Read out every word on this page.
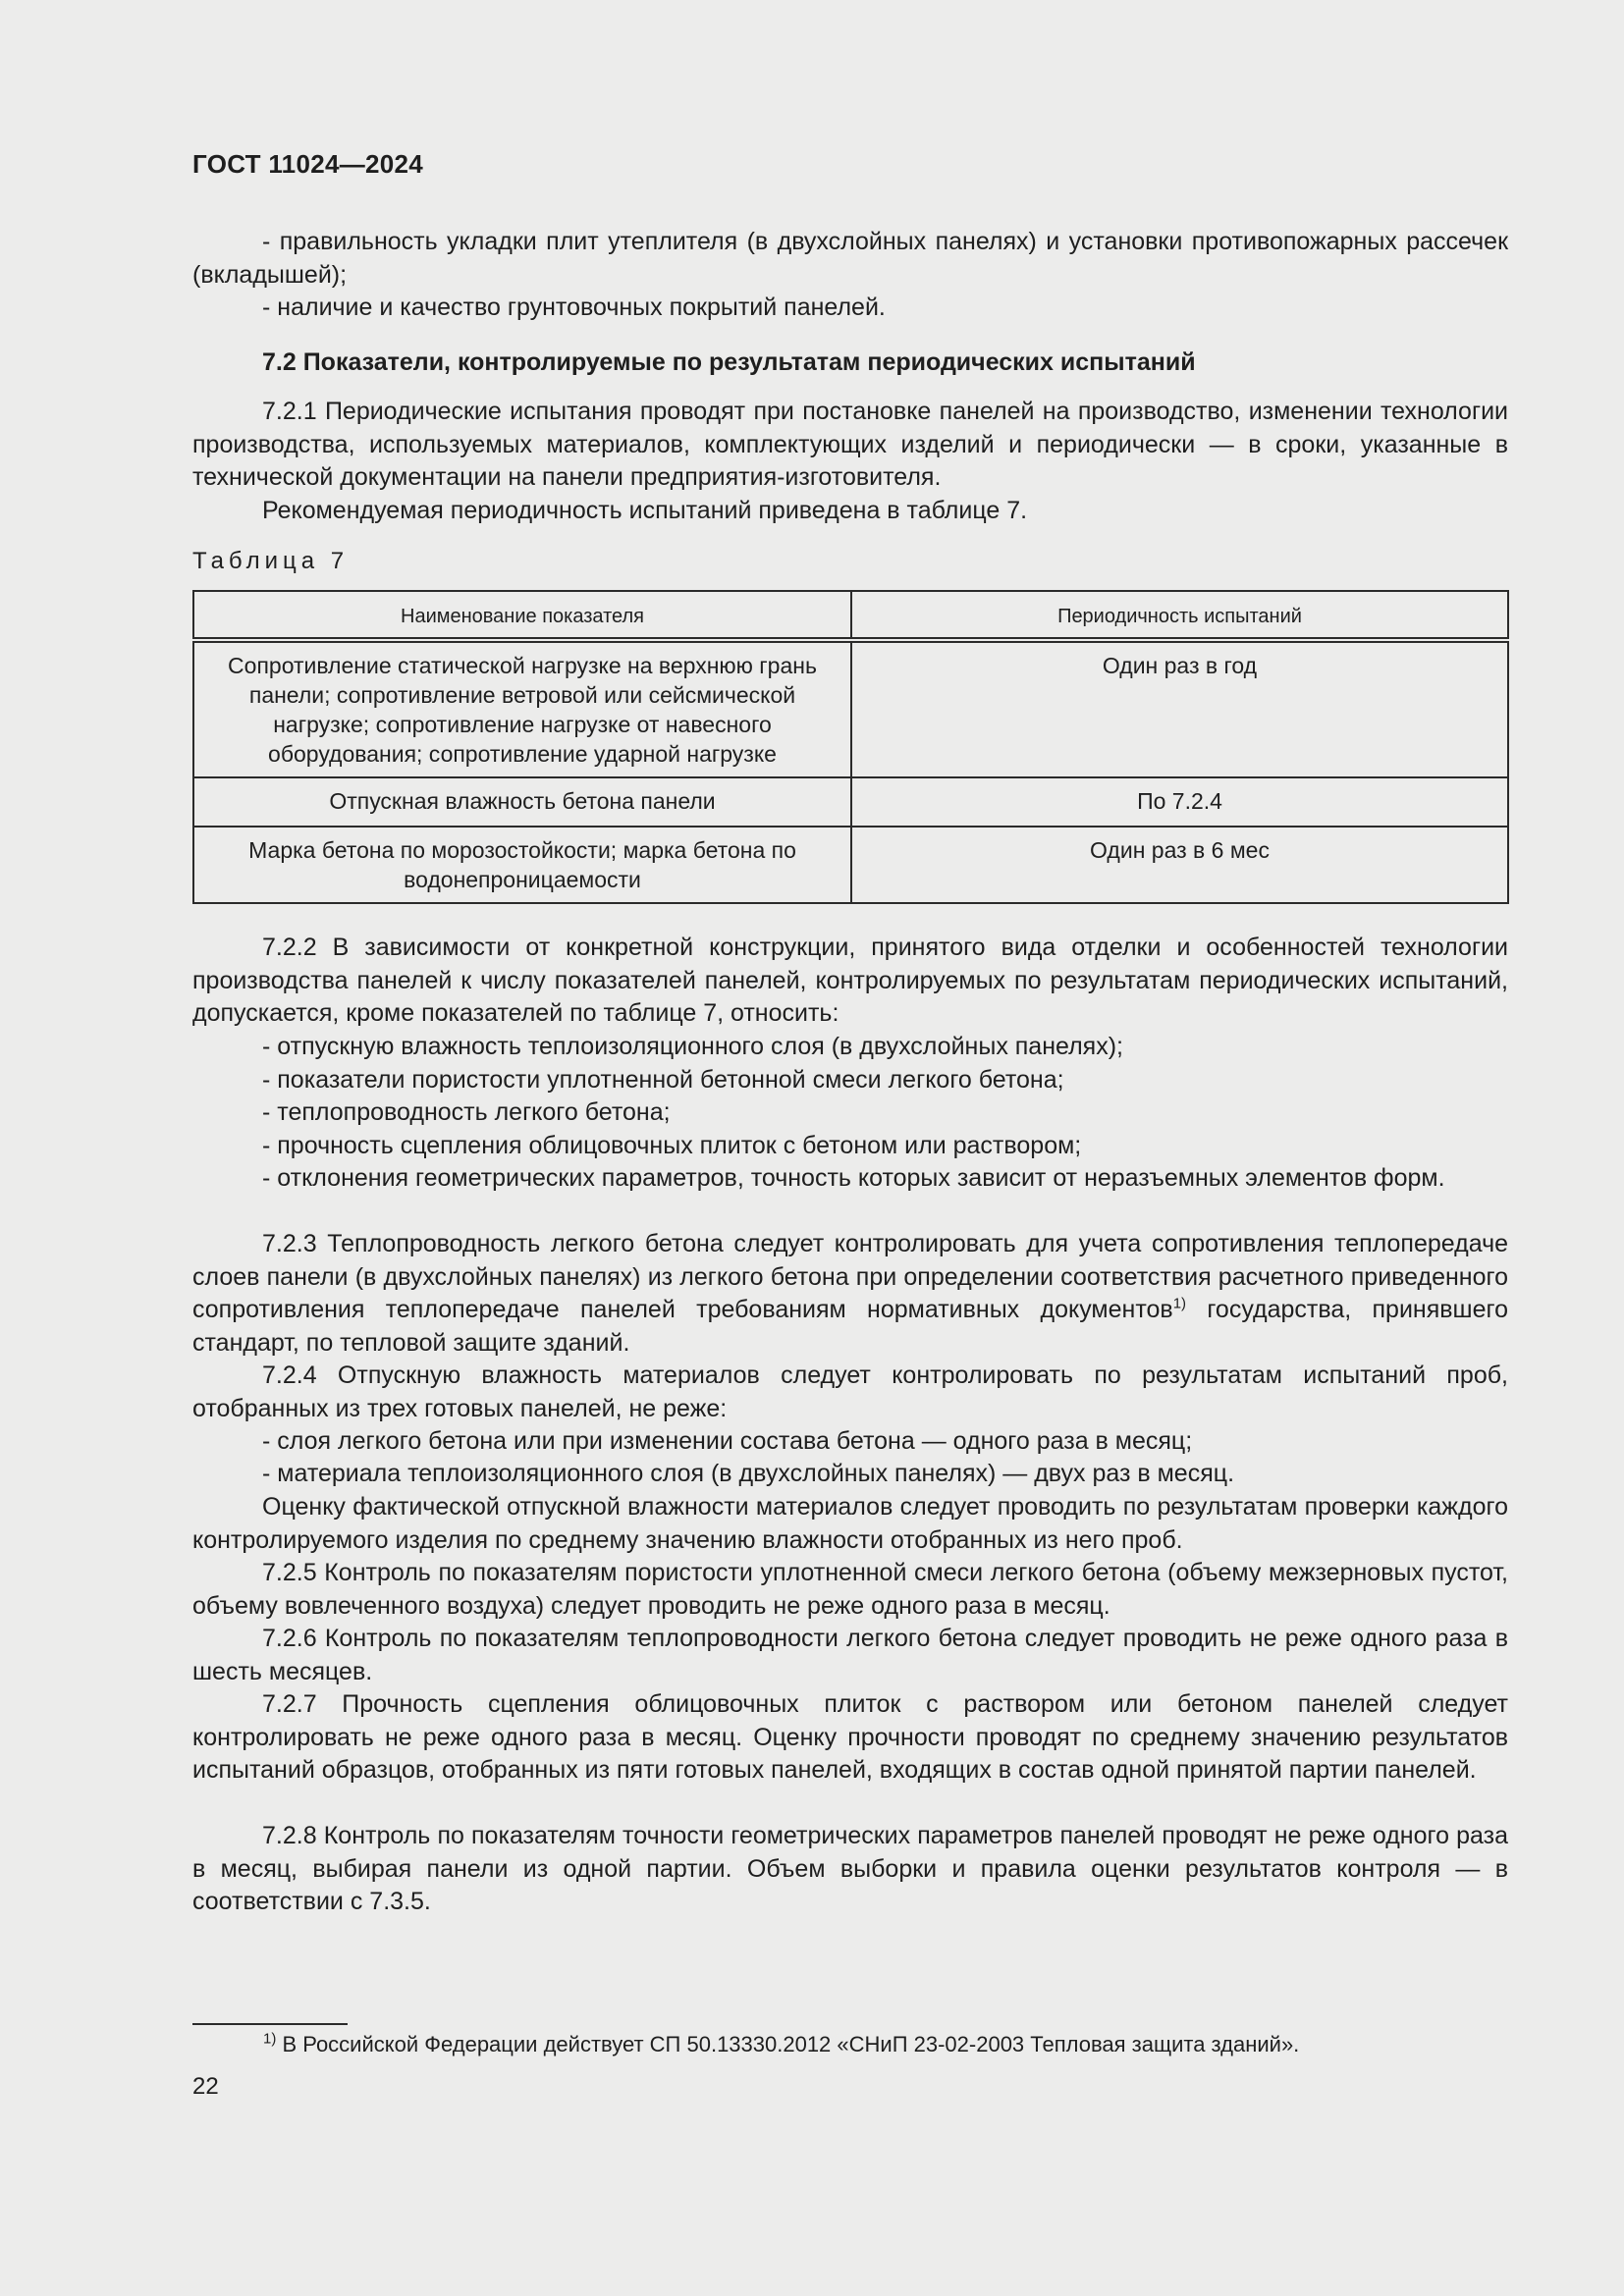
ГОСТ 11024—2024

- правильность укладки плит утеплителя (в двухслойных панелях) и установки противопожарных рассечек (вкладышей);

- наличие и качество грунтовочных покрытий панелей.

7.2 Показатели, контролируемые по результатам периодических испытаний

7.2.1 Периодические испытания проводят при постановке панелей на производство, изменении технологии производства, используемых материалов, комплектующих изделий и периодически — в сроки, указанные в технической документации на панели предприятия-изготовителя.

Рекомендуемая периодичность испытаний приведена в таблице 7.

Таблица 7
Наименование показателя	Периодичность испытаний
Сопротивление статической нагрузке на верхнюю грань панели; сопротивление ветровой или сейсмической нагрузке; сопротивление нагрузке от навесного оборудования; сопротивление ударной нагрузке	Один раз в год
Отпускная влажность бетона панели	По 7.2.4
Марка бетона по морозостойкости; марка бетона по водонепроницаемости	Один раз в 6 мес

7.2.2 В зависимости от конкретной конструкции, принятого вида отделки и особенностей технологии производства панелей к числу показателей панелей, контролируемых по результатам периодических испытаний, допускается, кроме показателей по таблице 7, относить:

- отпускную влажность теплоизоляционного слоя (в двухслойных панелях);

- показатели пористости уплотненной бетонной смеси легкого бетона;

- теплопроводность легкого бетона;

- прочность сцепления облицовочных плиток с бетоном или раствором;

- отклонения геометрических параметров, точность которых зависит от неразъемных элементов форм.

7.2.3 Теплопроводность легкого бетона следует контролировать для учета сопротивления теплопередаче слоев панели (в двухслойных панелях) из легкого бетона при определении соответствия расчетного приведенного сопротивления теплопередаче панелей требованиям нормативных документов$^{1)}$ государства, принявшего стандарт, по тепловой защите зданий.

7.2.4 Отпускную влажность материалов следует контролировать по результатам испытаний проб, отобранных из трех готовых панелей, не реже:

- слоя легкого бетона или при изменении состава бетона — одного раза в месяц;

- материала теплоизоляционного слоя (в двухслойных панелях) — двух раз в месяц.

Оценку фактической отпускной влажности материалов следует проводить по результатам проверки каждого контролируемого изделия по среднему значению влажности отобранных из него проб.

7.2.5 Контроль по показателям пористости уплотненной смеси легкого бетона (объему межзерновых пустот, объему вовлеченного воздуха) следует проводить не реже одного раза в месяц.

7.2.6 Контроль по показателям теплопроводности легкого бетона следует проводить не реже одного раза в шесть месяцев.

7.2.7 Прочность сцепления облицовочных плиток с раствором или бетоном панелей следует контролировать не реже одного раза в месяц. Оценку прочности проводят по среднему значению результатов испытаний образцов, отобранных из пяти готовых панелей, входящих в состав одной принятой партии панелей.

7.2.8 Контроль по показателям точности геометрических параметров панелей проводят не реже одного раза в месяц, выбирая панели из одной партии. Объем выборки и правила оценки результатов контроля — в соответствии с 7.3.5.

$^{1)}$ В Российской Федерации действует СП 50.13330.2012 «СНиП 23-02-2003 Тепловая защита зданий».
22
